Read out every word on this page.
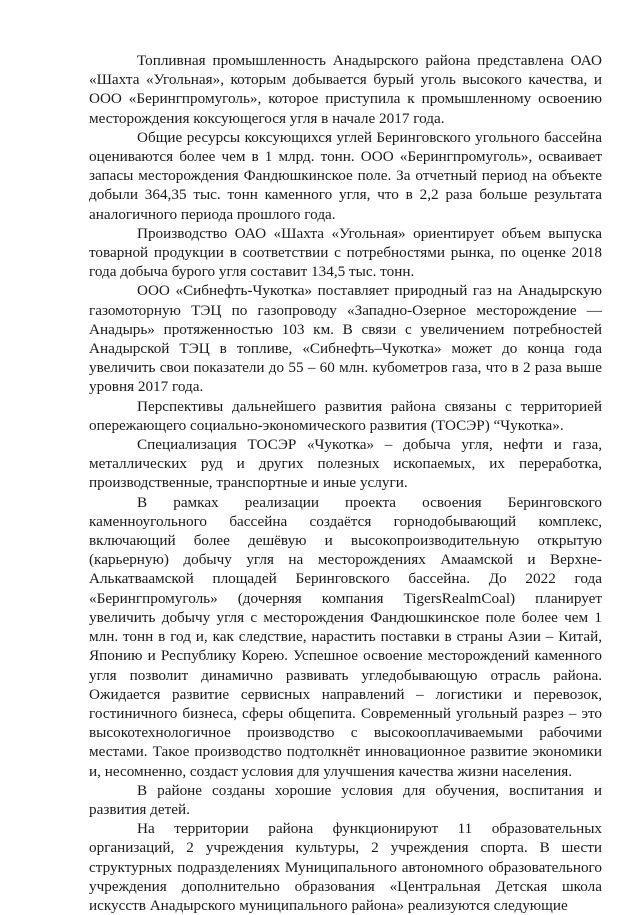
Топливная промышленность Анадырского района представлена ОАО «Шахта «Угольная», которым добывается бурый уголь высокого качества, и ООО «Берингпромуголь», которое приступила к промышленному освоению месторождения коксующегося угля в начале 2017 года.

Общие ресурсы коксующихся углей Беринговского угольного бассейна оцениваются более чем в 1 млрд. тонн. ООО «Берингпромуголь», осваивает запасы месторождения Фандюшкинское поле. За отчетный период на объекте добыли 364,35 тыс. тонн каменного угля, что в 2,2 раза больше результата аналогичного периода прошлого года.

Производство ОАО «Шахта «Угольная» ориентирует объем выпуска товарной продукции в соответствии с потребностями рынка, по оценке 2018 года добыча бурого угля составит 134,5 тыс. тонн.

ООО «Сибнефть-Чукотка» поставляет природный газ на Анадырскую газомоторную ТЭЦ по газопроводу «Западно-Озерное месторождение — Анадырь» протяженностью 103 км. В связи с увеличением потребностей Анадырской ТЭЦ в топливе, «Сибнефть–Чукотка» может до конца года увеличить свои показатели до 55 – 60 млн. кубометров газа, что в 2 раза выше уровня 2017 года.

Перспективы дальнейшего развития района связаны с территорией опережающего социально-экономического развития (ТОСЭР) “Чукотка».

Специализация ТОСЭР «Чукотка» – добыча угля, нефти и газа, металлических руд и других полезных ископаемых, их переработка, производственные, транспортные и иные услуги.

В рамках реализации проекта освоения Беринговского каменноугольного бассейна создаётся горнодобывающий комплекс, включающий более дешёвую и высокопроизводительную открытую (карьерную) добычу угля на месторождениях Амаамской и Верхне-Алькатваамской площадей Беринговского бассейна. До 2022 года «Берингпромуголь» (дочерняя компания TigersRealmCoal) планирует увеличить добычу угля с месторождения Фандюшкинское поле более чем 1 млн. тонн в год и, как следствие, нарастить поставки в страны Азии – Китай, Японию и Республику Корею. Успешное освоение месторождений каменного угля позволит динамично развивать угледобывающую отрасль района. Ожидается развитие сервисных направлений – логистики и перевозок, гостиничного бизнеса, сферы общепита. Современный угольный разрез – это высокотехнологичное производство с высокооплачиваемыми рабочими местами. Такое производство подтолкнёт инновационное развитие экономики и, несомненно, создаст условия для улучшения качества жизни населения.

В районе созданы хорошие условия для обучения, воспитания и развития детей.

На территории района функционируют 11 образовательных организаций, 2 учреждения культуры, 2 учреждения спорта. В шести структурных подразделениях Муниципального автономного образовательного учреждения дополнительно образования «Центральная Детская школа искусств Анадырского муниципального района» реализуются следующие
